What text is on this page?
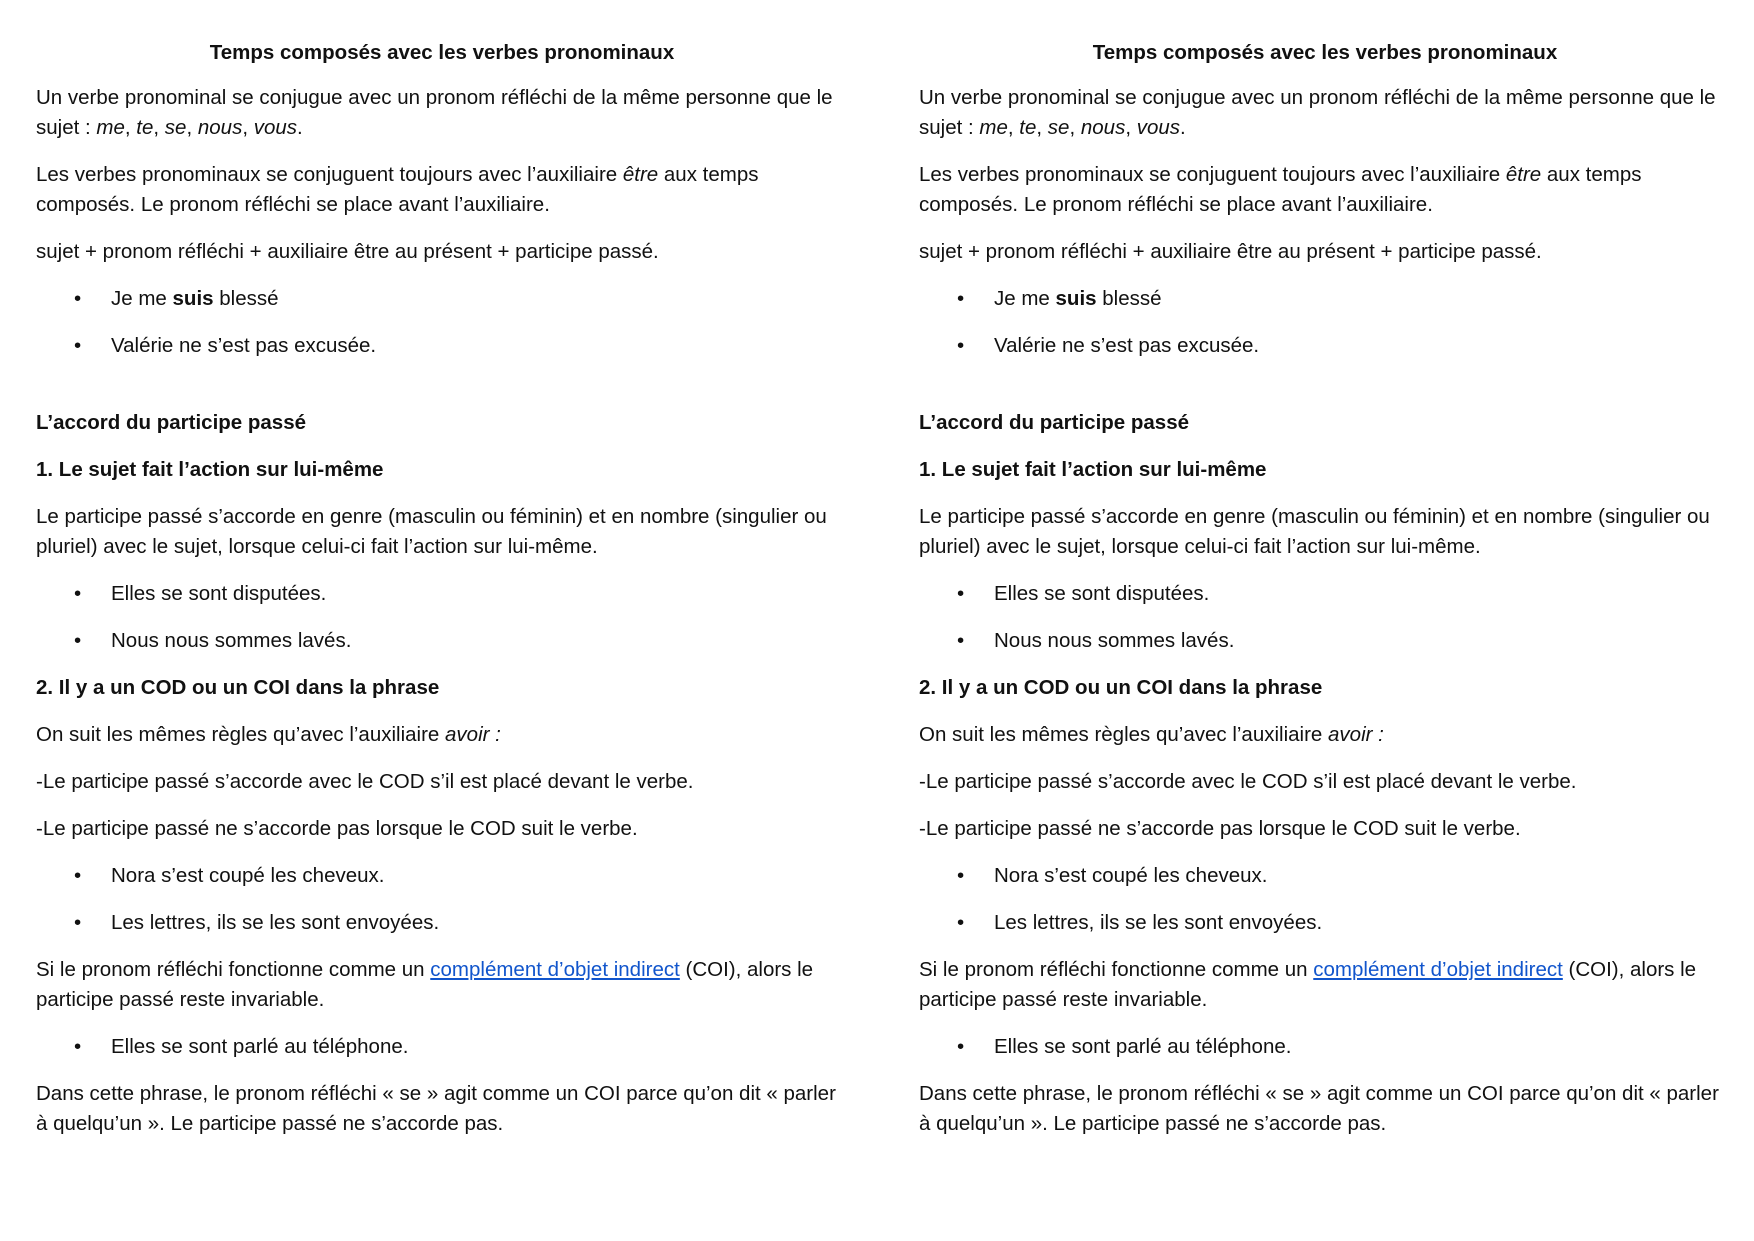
Temps composés avec les verbes pronominaux

Un verbe pronominal se conjugue avec un pronom réfléchi de la même personne que le sujet : me, te, se, nous, vous.

Les verbes pronominaux se conjuguent toujours avec l’auxiliaire être aux temps composés. Le pronom réfléchi se place avant l’auxiliaire.

sujet + pronom réfléchi + auxiliaire être au présent + participe passé.

• Je me suis blessé
• Valérie ne s’est pas excusée.
L’accord du participe passé
1. Le sujet fait l’action sur lui-même

Le participe passé s’accorde en genre (masculin ou féminin) et en nombre (singulier ou pluriel) avec le sujet, lorsque celui-ci fait l’action sur lui-même.

• Elles se sont disputées.
• Nous nous sommes lavés.
2. Il y a un COD ou un COI dans la phrase

On suit les mêmes règles qu’avec l’auxiliaire avoir :

-Le participe passé s’accorde avec le COD s’il est placé devant le verbe.

-Le participe passé ne s’accorde pas lorsque le COD suit le verbe.

• Nora s’est coupé les cheveux.
• Les lettres, ils se les sont envoyées.

Si le pronom réfléchi fonctionne comme un complément d’objet indirect (COI), alors le participe passé reste invariable.

• Elles se sont parlé au téléphone.

Dans cette phrase, le pronom réfléchi « se » agit comme un COI parce qu’on dit « parler à quelqu’un ». Le participe passé ne s’accorde pas.

Temps composés avec les verbes pronominaux

Un verbe pronominal se conjugue avec un pronom réfléchi de la même personne que le sujet : me, te, se, nous, vous.

Les verbes pronominaux se conjuguent toujours avec l’auxiliaire être aux temps composés. Le pronom réfléchi se place avant l’auxiliaire.

sujet + pronom réfléchi + auxiliaire être au présent + participe passé.

• Je me suis blessé
• Valérie ne s’est pas excusée.
L’accord du participe passé
1. Le sujet fait l’action sur lui-même

Le participe passé s’accorde en genre (masculin ou féminin) et en nombre (singulier ou pluriel) avec le sujet, lorsque celui-ci fait l’action sur lui-même.

• Elles se sont disputées.
• Nous nous sommes lavés.
2. Il y a un COD ou un COI dans la phrase

On suit les mêmes règles qu’avec l’auxiliaire avoir :

-Le participe passé s’accorde avec le COD s’il est placé devant le verbe.

-Le participe passé ne s’accorde pas lorsque le COD suit le verbe.

• Nora s’est coupé les cheveux.
• Les lettres, ils se les sont envoyées.

Si le pronom réfléchi fonctionne comme un complément d’objet indirect (COI), alors le participe passé reste invariable.

• Elles se sont parlé au téléphone.

Dans cette phrase, le pronom réfléchi « se » agit comme un COI parce qu’on dit « parler à quelqu’un ». Le participe passé ne s’accorde pas.
